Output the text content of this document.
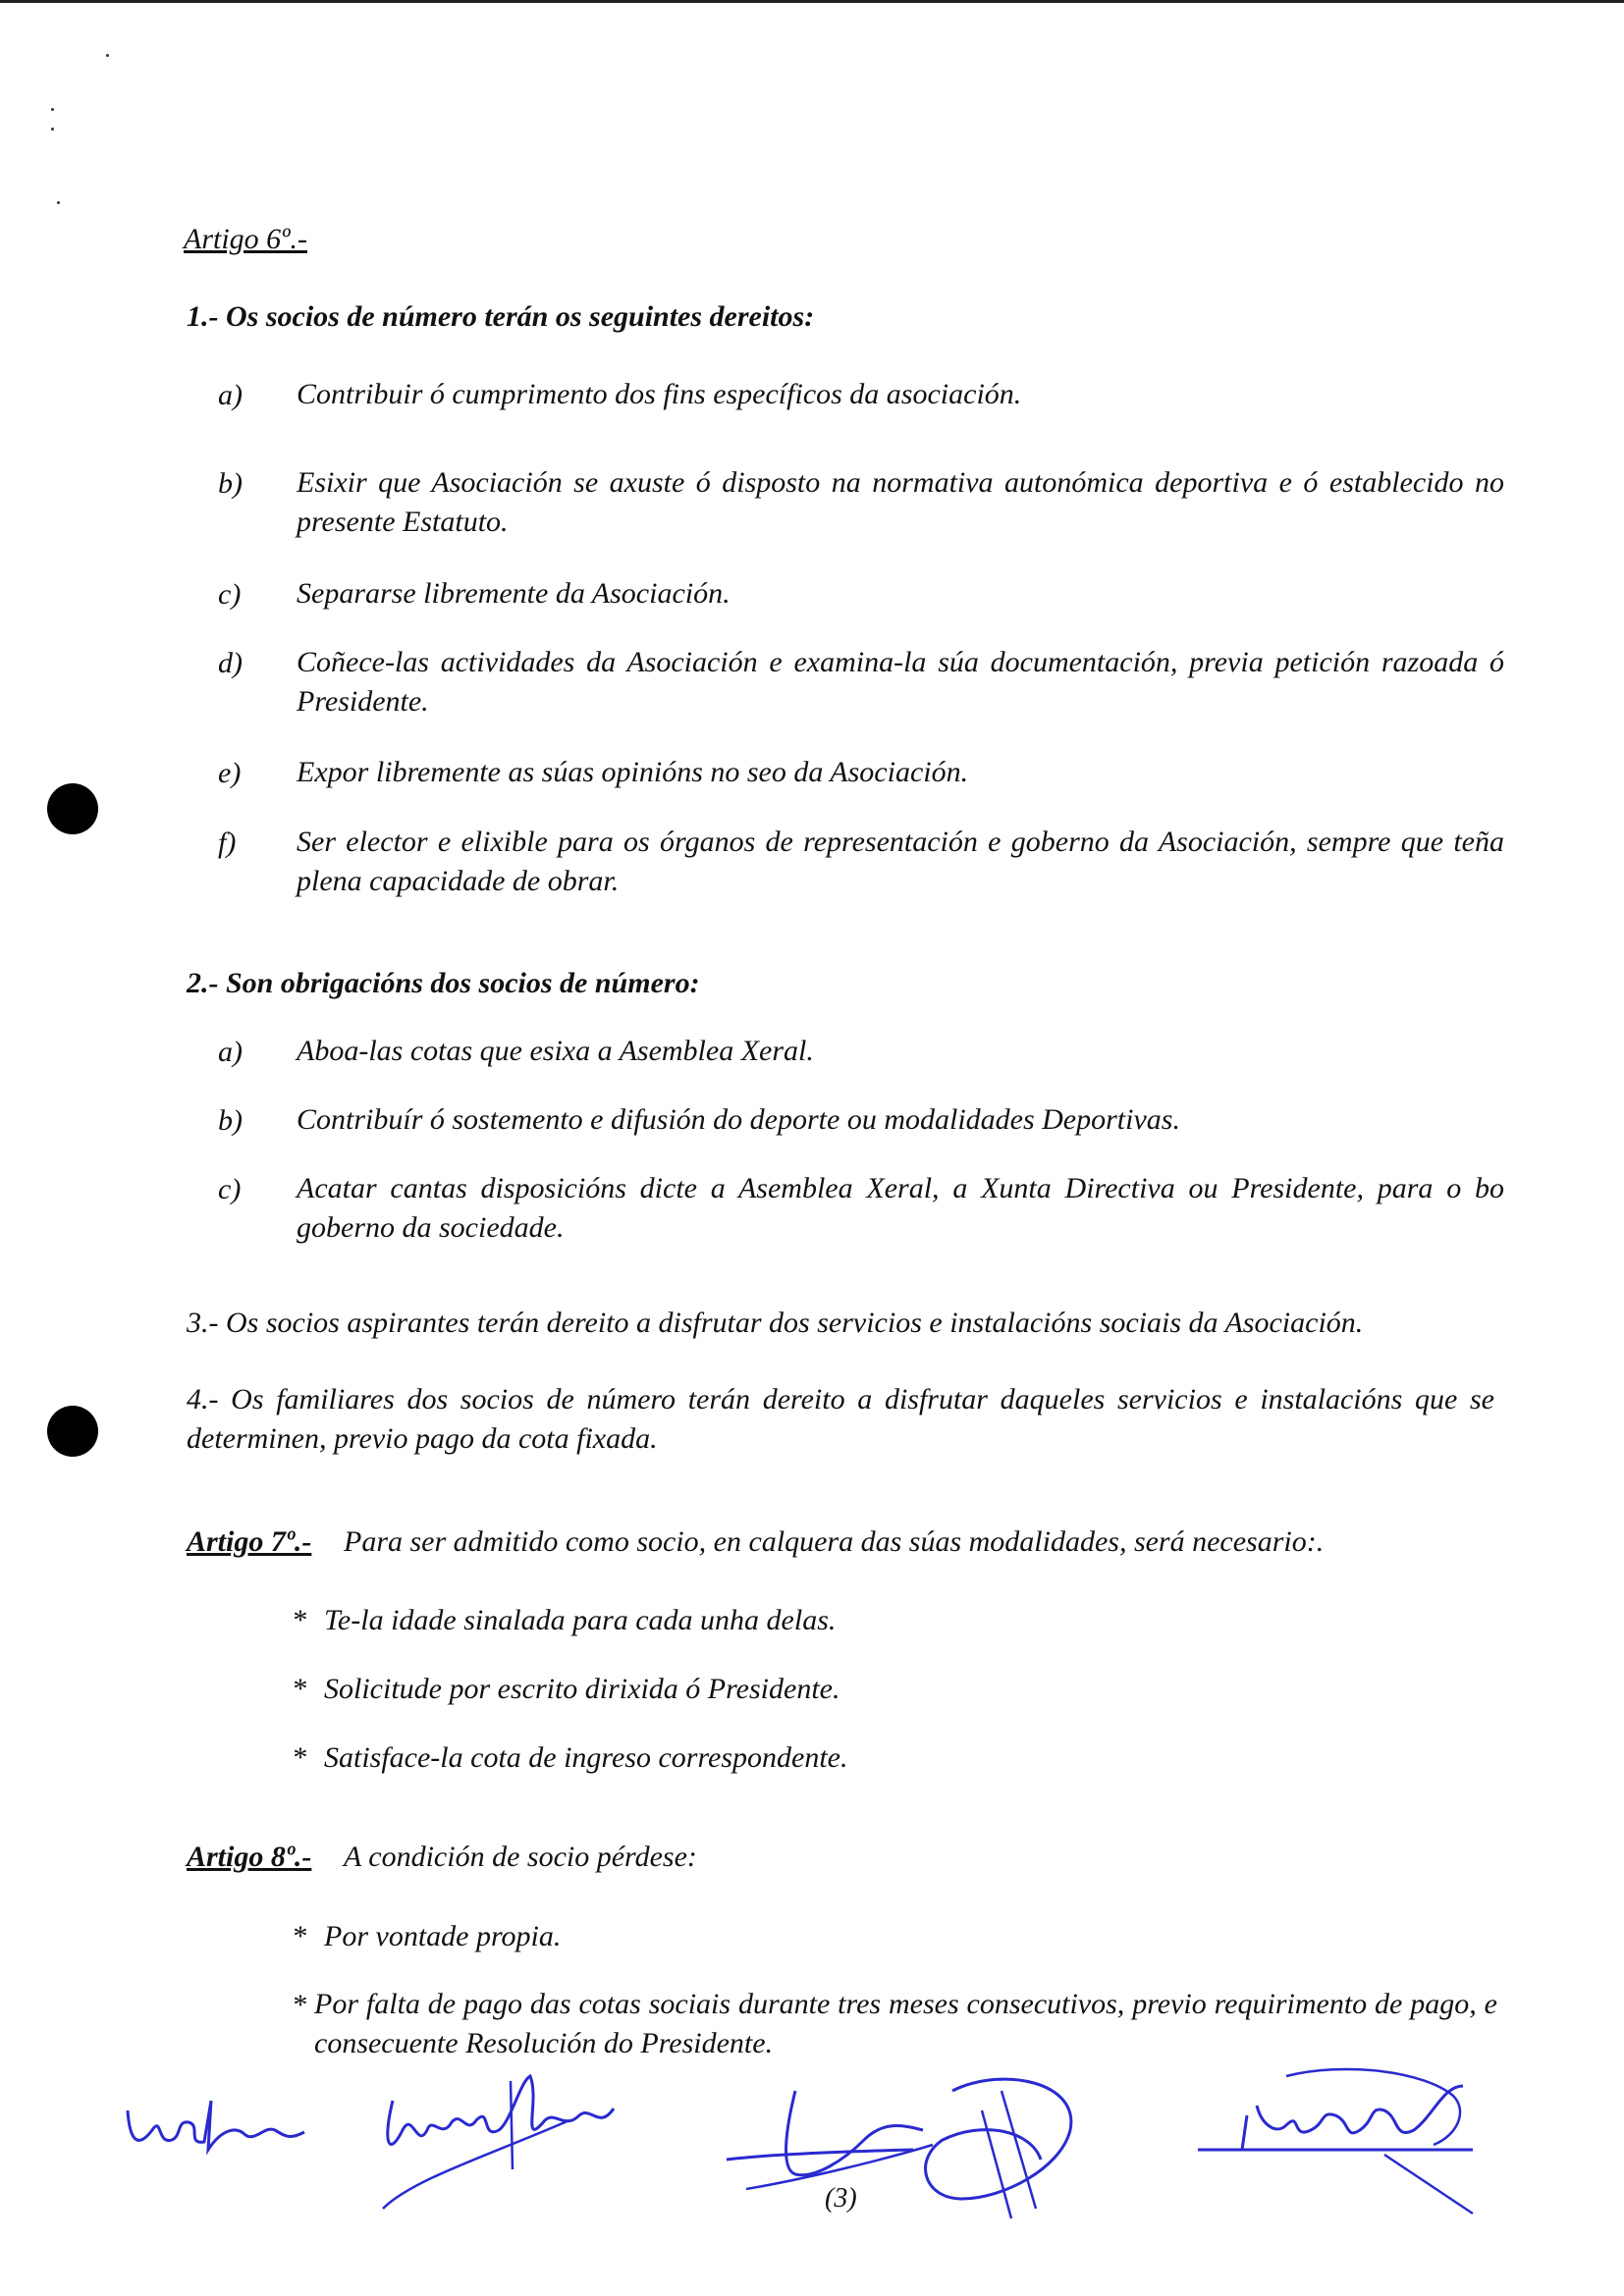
Artigo 6º.-
1.- Os socios de número terán os seguintes dereitos:
a) Contribuir ó cumprimento dos fins específicos da asociación.
b) Esixir que Asociación se axuste ó disposto na normativa autonómica deportiva e ó establecido no presente Estatuto.
c) Separarse libremente da Asociación.
d) Coñece-las actividades da Asociación e examina-la súa documentación, previa petición razoada ó Presidente.
e) Expor libremente as súas opinións no seo da Asociación.
f) Ser elector e elixible para os órganos de representación e goberno da Asociación, sempre que teña plena capacidade de obrar.
2.- Son obrigacións dos socios de número:
a) Aboa-las cotas que esixa a Asemblea Xeral.
b) Contribuír ó sostemento e difusión do deporte ou modalidades Deportivas.
c) Acatar cantas disposicións dicte a Asemblea Xeral, a Xunta Directiva ou Presidente, para o bo goberno da sociedade.
3.- Os socios aspirantes terán dereito a disfrutar dos servicios e instalacións sociais da Asociación.
4.- Os familiares dos socios de número terán dereito a disfrutar daqueles servicios e instalacións que se determinen, previo pago da cota fixada.
Artigo 7º.- Para ser admitido como socio, en calquera das súas modalidades, será necesario:.
* Te-la idade sinalada para cada unha delas.
* Solicitude por escrito dirixida ó Presidente.
* Satisface-la cota de ingreso correspondente.
Artigo 8º.- A condición de socio pérdese:
* Por vontade propia.
* Por falta de pago das cotas sociais durante tres meses consecutivos, previo requirimento de pago, e consecuente Resolución do Presidente.
(3)
